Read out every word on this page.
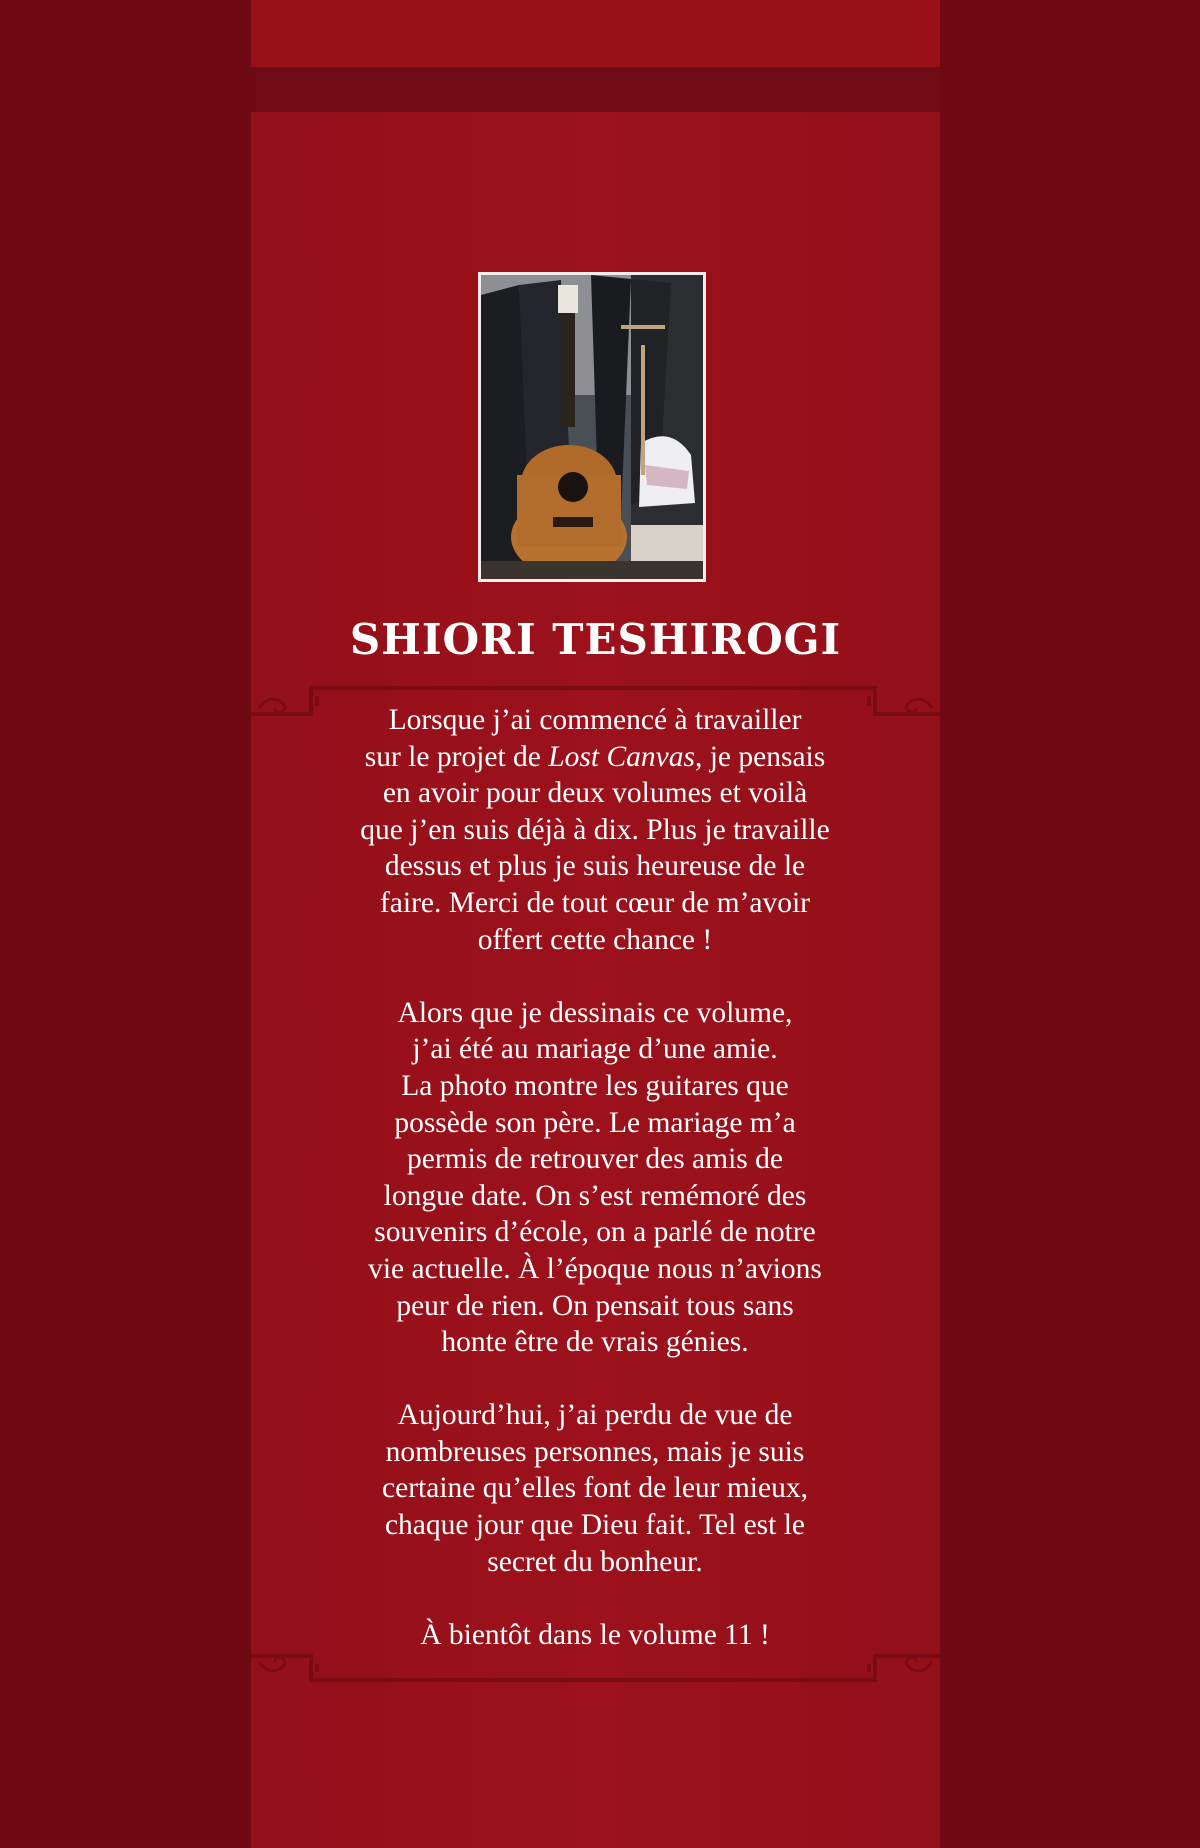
SHIORI TESHIROGI

Lorsque j’ai commencé à travailler
sur le projet de Lost Canvas, je pensais
en avoir pour deux volumes et voilà
que j’en suis déjà à dix. Plus je travaille
dessus et plus je suis heureuse de le
faire. Merci de tout cœur de m’avoir
offert cette chance !

Alors que je dessinais ce volume,
j’ai été au mariage d’une amie.
La photo montre les guitares que
possède son père. Le mariage m’a
permis de retrouver des amis de
longue date. On s’est remémoré des
souvenirs d’école, on a parlé de notre
vie actuelle. À l’époque nous n’avions
peur de rien. On pensait tous sans
honte être de vrais génies.

Aujourd’hui, j’ai perdu de vue de
nombreuses personnes, mais je suis
certaine qu’elles font de leur mieux,
chaque jour que Dieu fait. Tel est le
secret du bonheur.

À bientôt dans le volume 11 !
